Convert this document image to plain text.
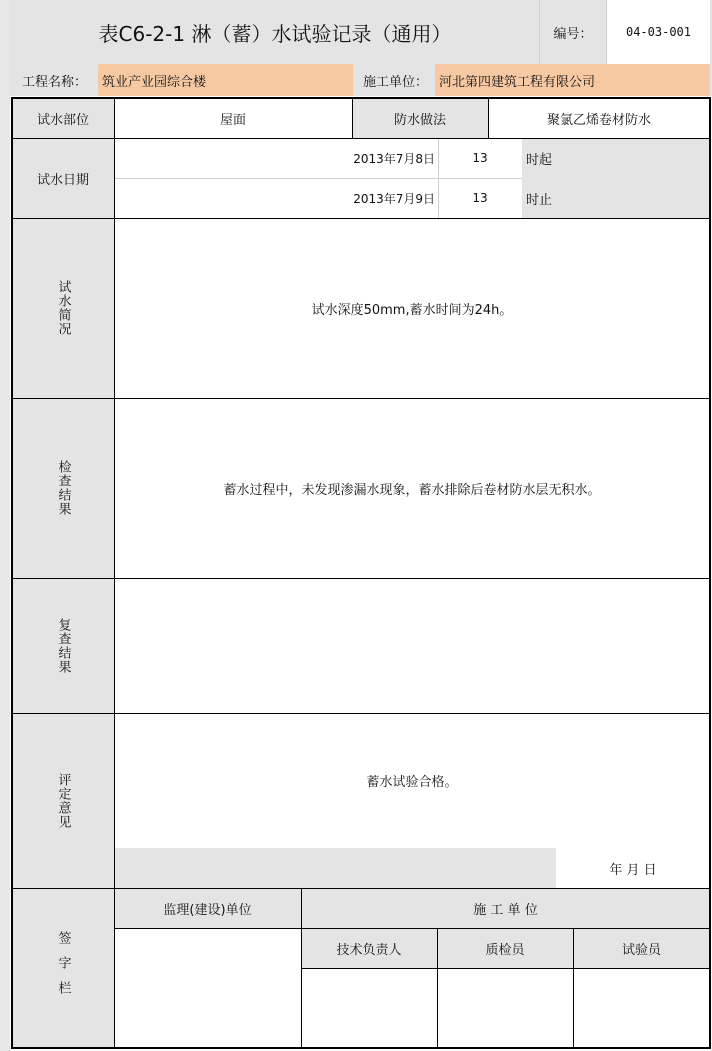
表C6-2-1 淋（蓄）水试验记录（通用）	编号：	04-03-001
工程名称：	筑业产业园综合楼	施工单位： 河北第四建筑工程有限公司
试水部位	屋面	防水做法	聚氯乙烯卷材防水
试水日期
2013年7月8日	13	时起
2013年7月9日	13	时止
试水简况	试水深度50mm,蓄水时间为24h。
检查结果	蓄水过程中，未发现渗漏水现象，蓄水排除后卷材防水层无积水。
复查结果
评定意见	蓄水试验合格。
年 月 日
签字栏
监理(建设)单位	施 工 单 位
技术负责人	质检员	试验员
